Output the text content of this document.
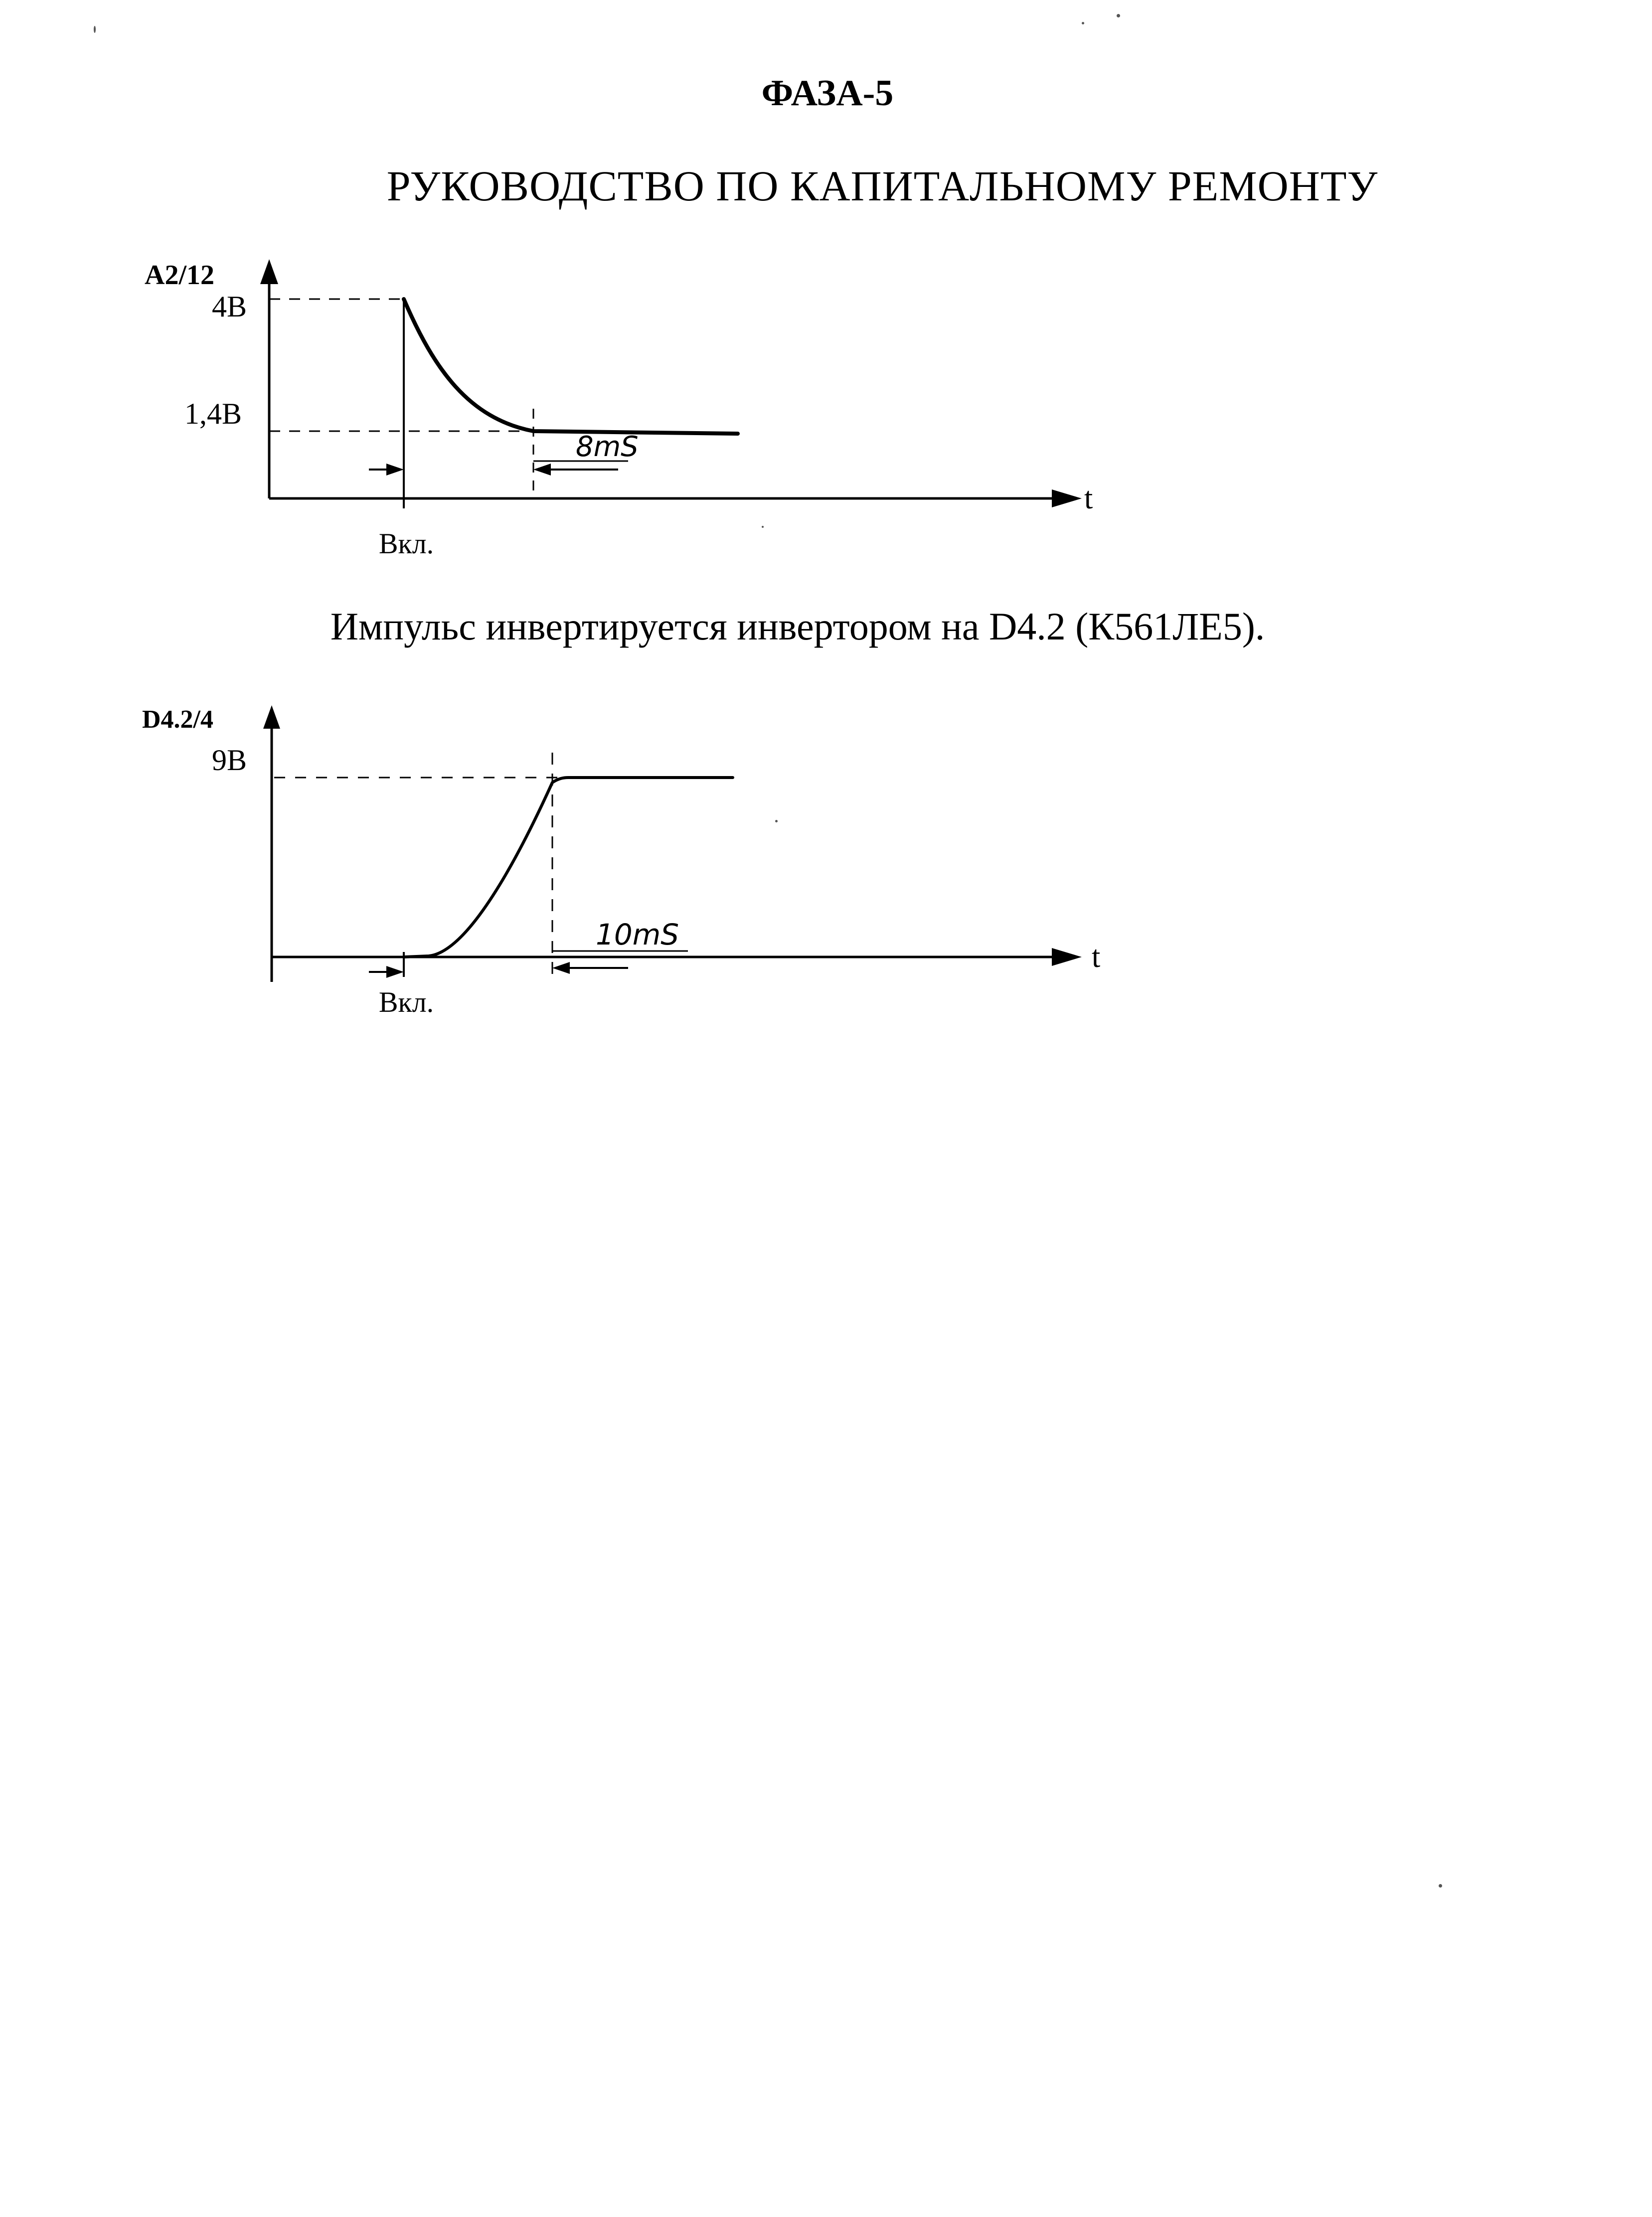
ФАЗА-5
РУКОВОДСТВО ПО КАПИТАЛЬНОМУ РЕМОНТУ
A2/12
4В
1,4В
8mS
t
Вкл.
Импульс инвертируется инвертором на D4.2 (К561ЛЕ5).
D4.2/4
9В
10mS
t
Вкл.
